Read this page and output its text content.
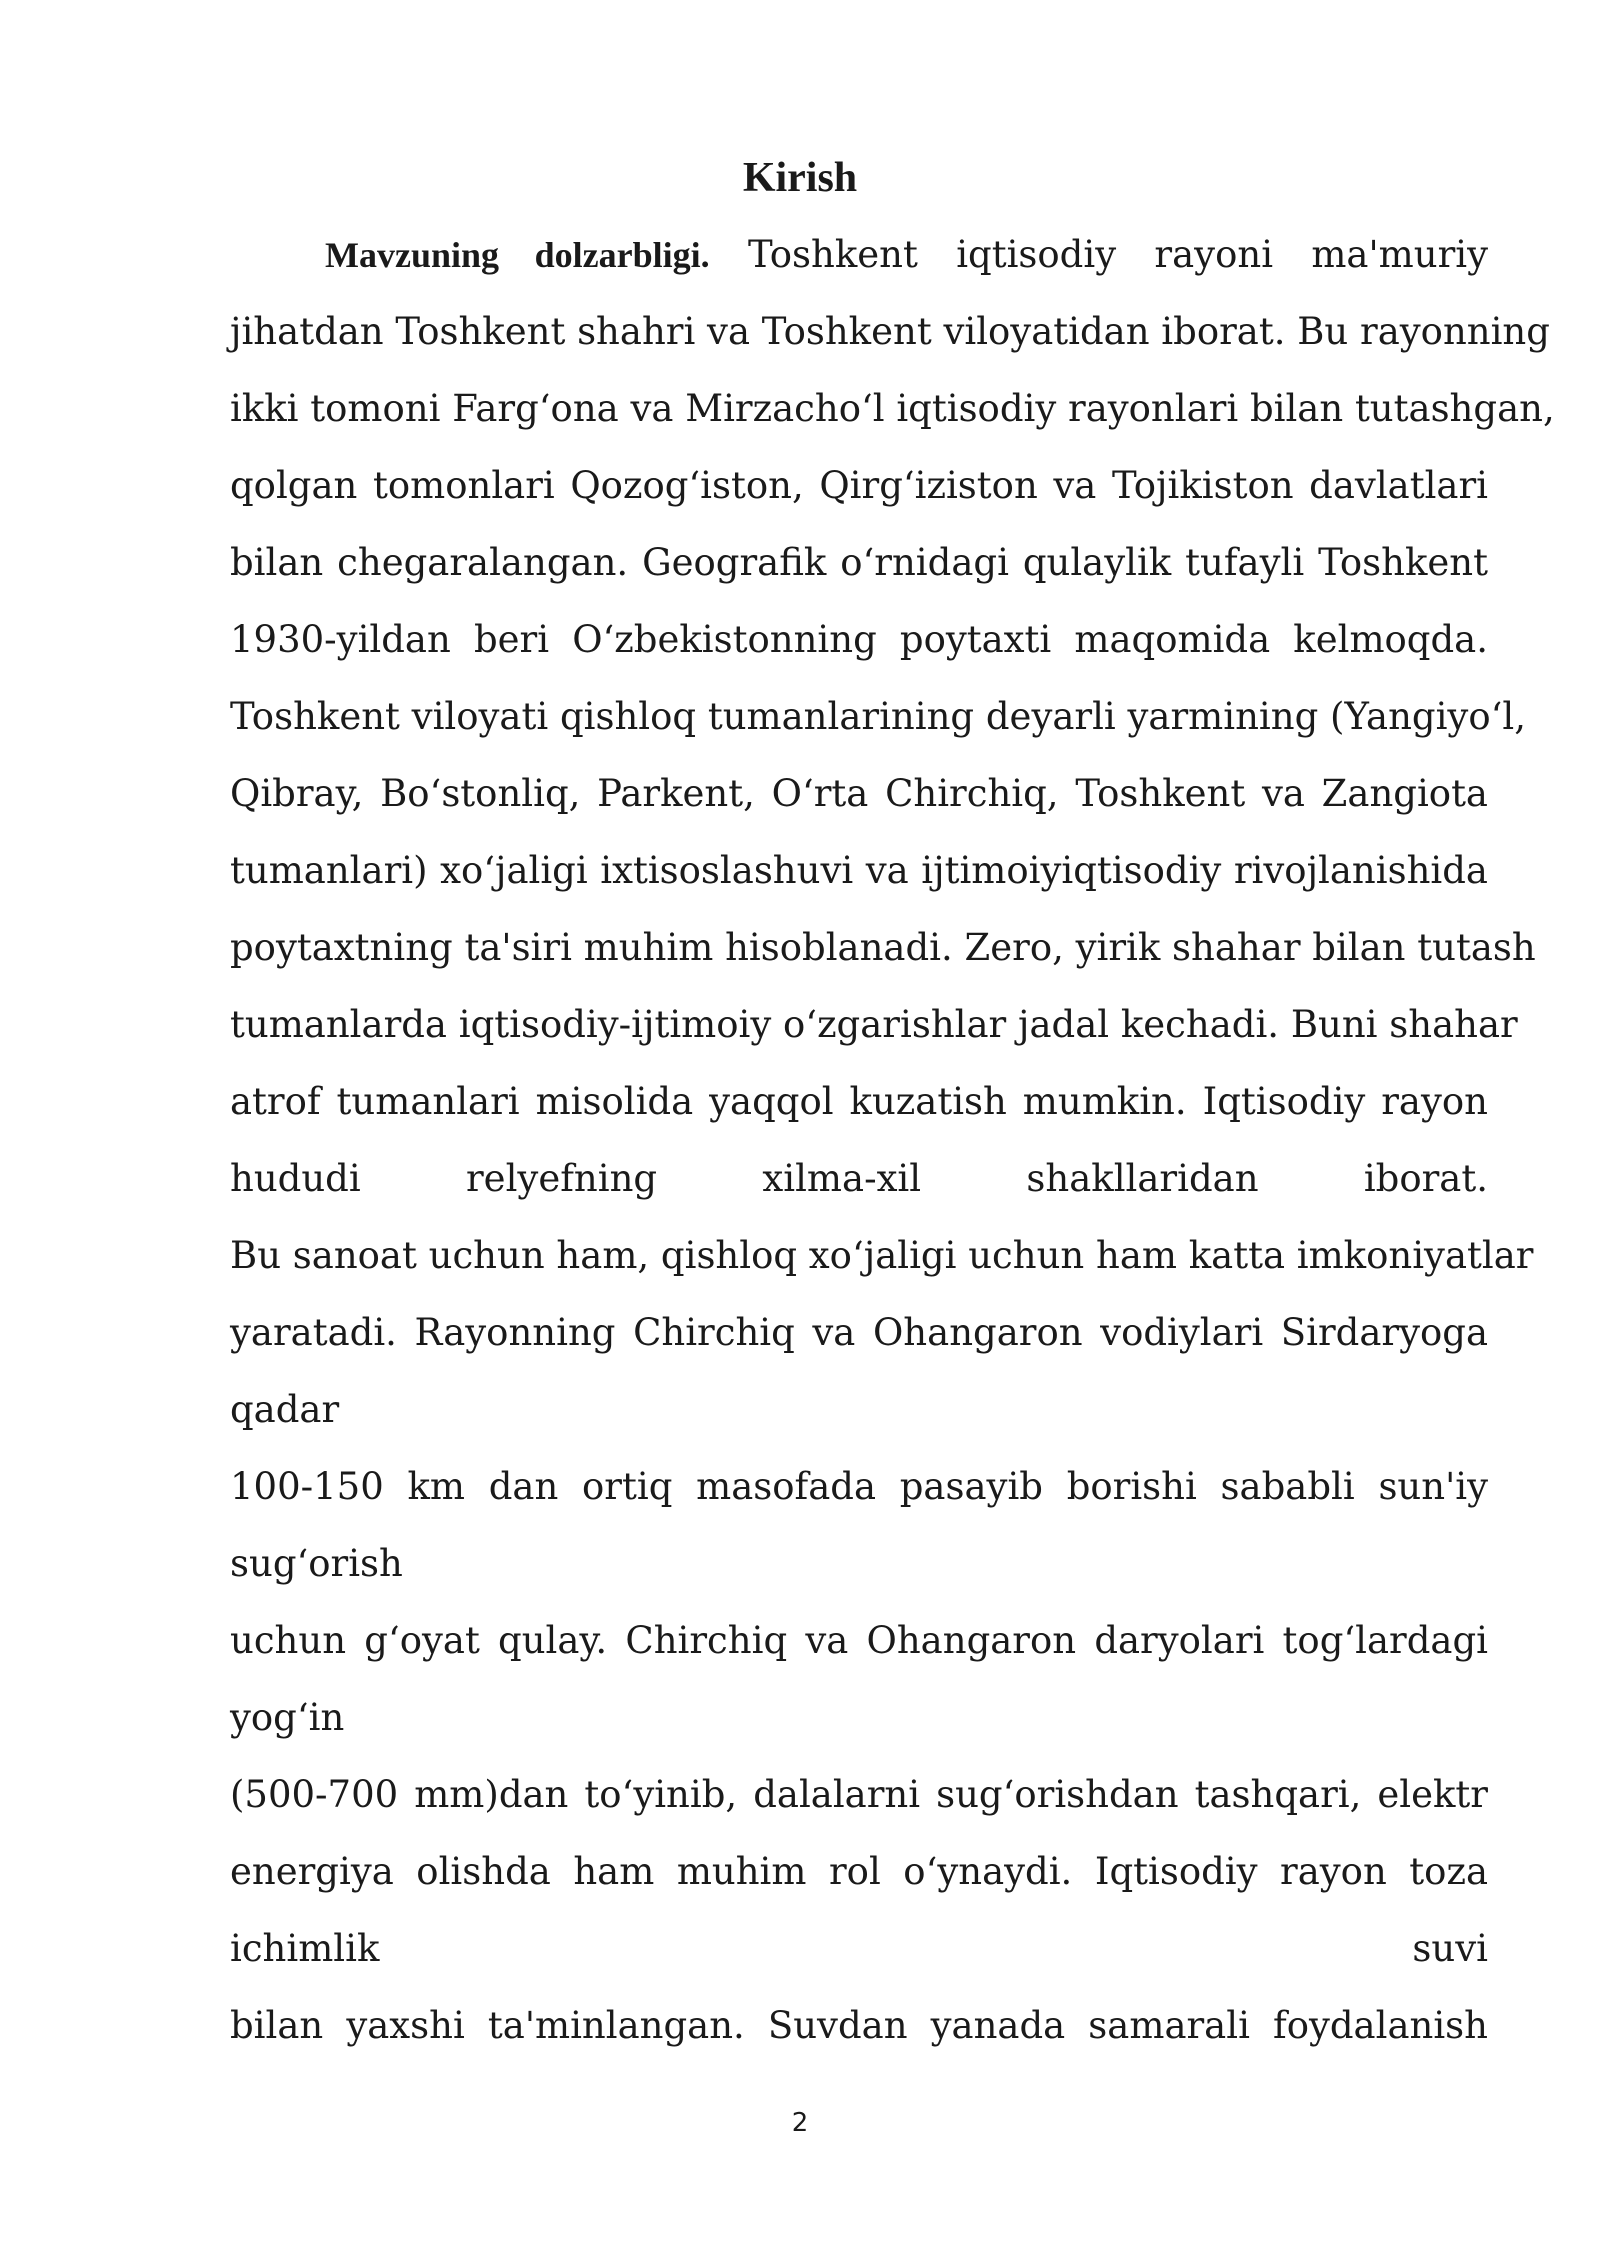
Kirish
Mavzuning dolzarbligi. Toshkent iqtisodiy rayoni ma'muriy
jihatdan Toshkent shahri va Toshkent viloyatidan iborat. Bu rayonning
ikki tomoni Farg‘ona va Mirzacho‘l iqtisodiy rayonlari bilan tutashgan,
qolgan tomonlari Qozog‘iston, Qirg‘iziston va Tojikiston davlatlari
bilan chegaralangan. Geografik o‘rnidagi qulaylik tufayli Toshkent
1930-yildan beri O‘zbekistonning poytaxti maqomida kelmoqda.
Toshkent viloyati qishloq tumanlarining deyarli yarmining (Yangiyo‘l,
Qibray, Bo‘stonliq, Parkent, O‘rta Chirchiq, Toshkent va Zangiota
tumanlari) xo‘jaligi ixtisoslashuvi va ijtimoiyiqtisodiy rivojlanishida
poytaxtning ta'siri muhim hisoblanadi. Zero, yirik shahar bilan tutash
tumanlarda iqtisodiy-ijtimoiy o‘zgarishlar jadal kechadi. Buni shahar
atrof tumanlari misolida yaqqol kuzatish mumkin. Iqtisodiy rayon
hududi relyefning xilma-xil shakllaridan iborat.
Bu sanoat uchun ham, qishloq xo‘jaligi uchun ham katta imkoniyatlar
yaratadi. Rayonning Chirchiq va Ohangaron vodiylari Sirdaryoga
qadar
100-150 km dan ortiq masofada pasayib borishi sababli sun'iy
sug‘orish
uchun g‘oyat qulay. Chirchiq va Ohangaron daryolari tog‘lardagi
yog‘in
(500-700 mm)dan to‘yinib, dalalarni sug‘orishdan tashqari, elektr
energiya olishda ham muhim rol o‘ynaydi. Iqtisodiy rayon toza
ichimlik suvi
bilan yaxshi ta'minlangan. Suvdan yanada samarali foydalanish
2
